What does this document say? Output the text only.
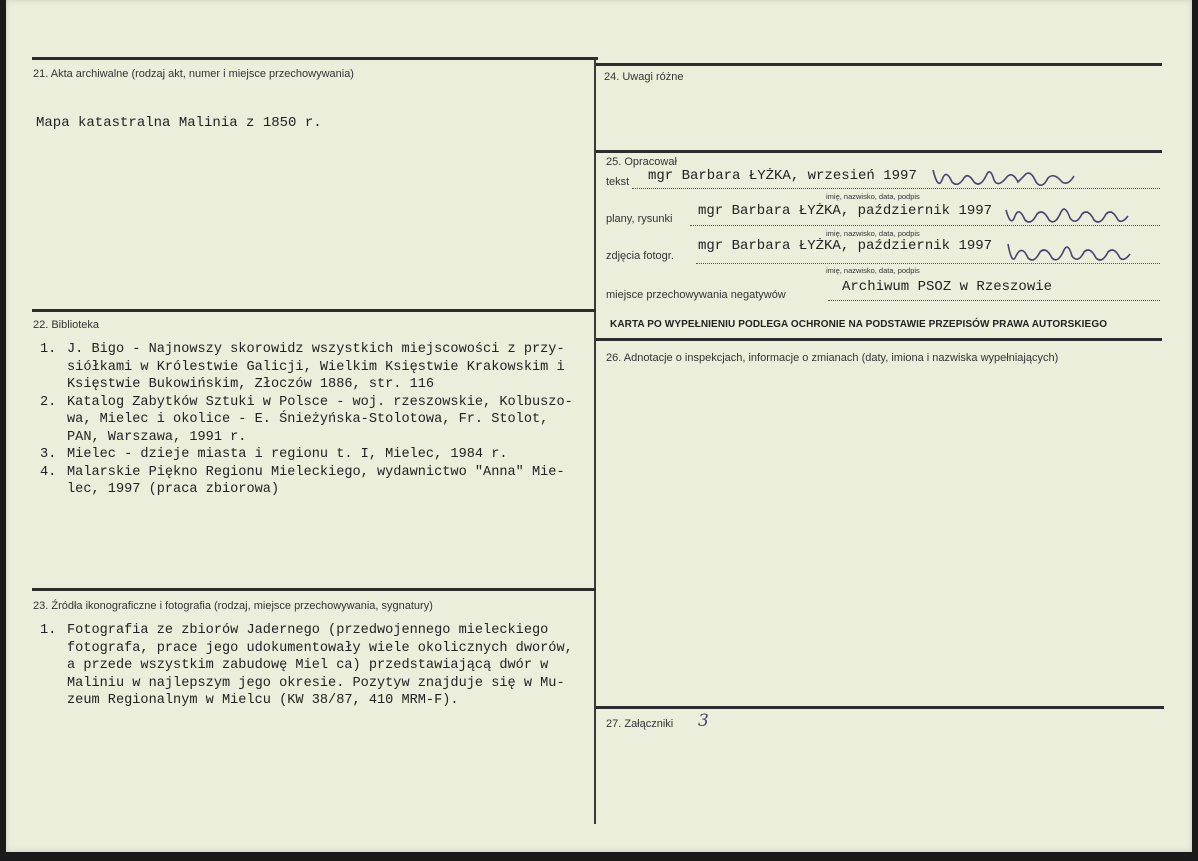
21. Akta archiwalne (rodzaj akt, numer i miejsce przechowywania)
Mapa katastralna Malinia z 1850 r.
22. Biblioteka
1. J. Bigo - Najnowszy skorowidz wszystkich miejscowości z przy-
siółkami w Królestwie Galicji, Wielkim Księstwie Krakowskim i
Księstwie Bukowińskim, Złoczów 1886, str. 116
2. Katalog Zabytków Sztuki w Polsce - woj. rzeszowskie, Kolbuszo-
wa, Mielec i okolice - E. Śnieżyńska-Stolotowa, Fr. Stolot,
PAN, Warszawa, 1991 r.
3. Mielec - dzieje miasta i regionu t. I, Mielec, 1984 r.
4. Malarskie Piękno Regionu Mieleckiego, wydawnictwo "Anna" Mie-
lec, 1997 (praca zbiorowa)
23. Źródła ikonograficzne i fotografia (rodzaj, miejsce przechowywania, sygnatury)
1. Fotografia ze zbiorów Jadernego (przedwojennego mieleckiego
fotografa, prace jego udokumentowały wiele okolicznych dworów,
a przede wszystkim zabudowę Miel ca) przedstawiającą dwór w
Maliniu w najlepszym jego okresie. Pozytyw znajduje się w Mu-
zeum Regionalnym w Mielcu (KW 38/87, 410 MRM-F).
24. Uwagi różne
25. Opracował
tekst mgr Barbara ŁYŻKA, wrzesień 1997
imię, nazwisko, data, podpis
plany, rysunki mgr Barbara ŁYŻKA, październik 1997
imię, nazwisko, data, podpis
zdjęcia fotogr.
mgr Barbara ŁYŻKA, październik 1997
imię, nazwisko, data, podpis
miejsce przechowywania negatywów	Archiwum PSOZ w Rzeszowie
KARTA PO WYPEŁNIENIU PODLEGA OCHRONIE NA PODSTAWIE PRZEPISÓW PRAWA AUTORSKIEGO
26. Adnotacje o inspekcjach, informacje o zmianach (daty, imiona i nazwiska wypełniających)
27. Załączniki 3
